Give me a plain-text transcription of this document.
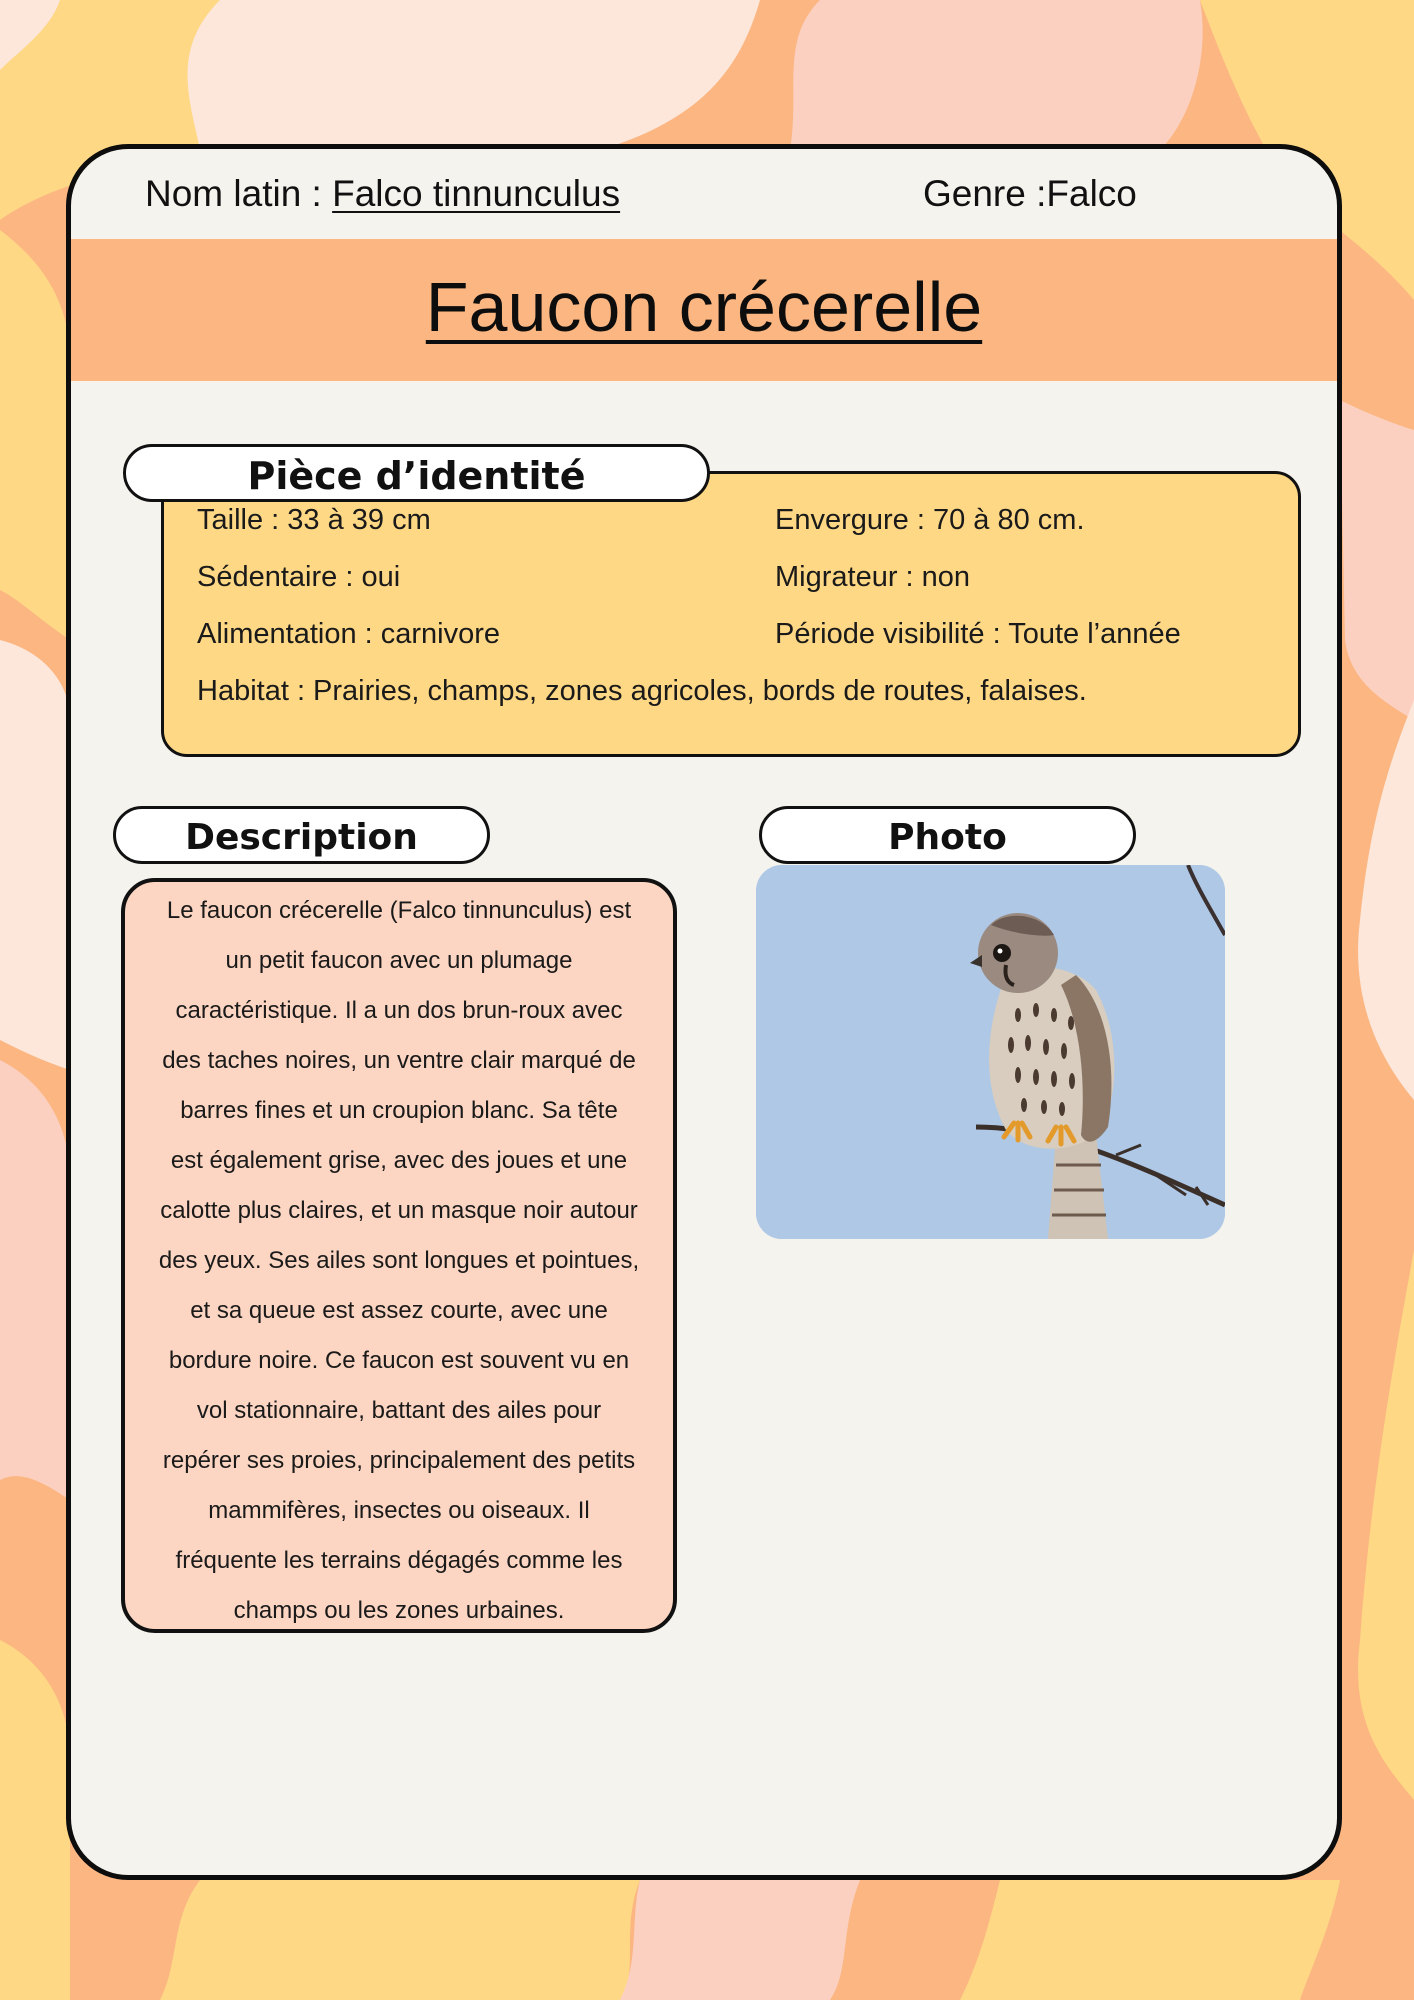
Nom latin : Falco tinnunculus	Genre :Falco
Faucon crécerelle
Taille : 33 à 39 cm	Envergure : 70 à 80 cm.
Sédentaire : oui	Migrateur : non
Alimentation : carnivore	Période visibilité : Toute l’année
Habitat : Prairies, champs, zones agricoles, bords de routes, falaises.
Pièce d’identité
Description
Le faucon crécerelle (Falco tinnunculus) est
un petit faucon avec un plumage
caractéristique. Il a un dos brun-roux avec
des taches noires, un ventre clair marqué de
barres fines et un croupion blanc. Sa tête
est également grise, avec des joues et une
calotte plus claires, et un masque noir autour
des yeux. Ses ailes sont longues et pointues,
et sa queue est assez courte, avec une
bordure noire. Ce faucon est souvent vu en
vol stationnaire, battant des ailes pour
repérer ses proies, principalement des petits
mammifères, insectes ou oiseaux. Il
fréquente les terrains dégagés comme les
champs ou les zones urbaines.
Photo
